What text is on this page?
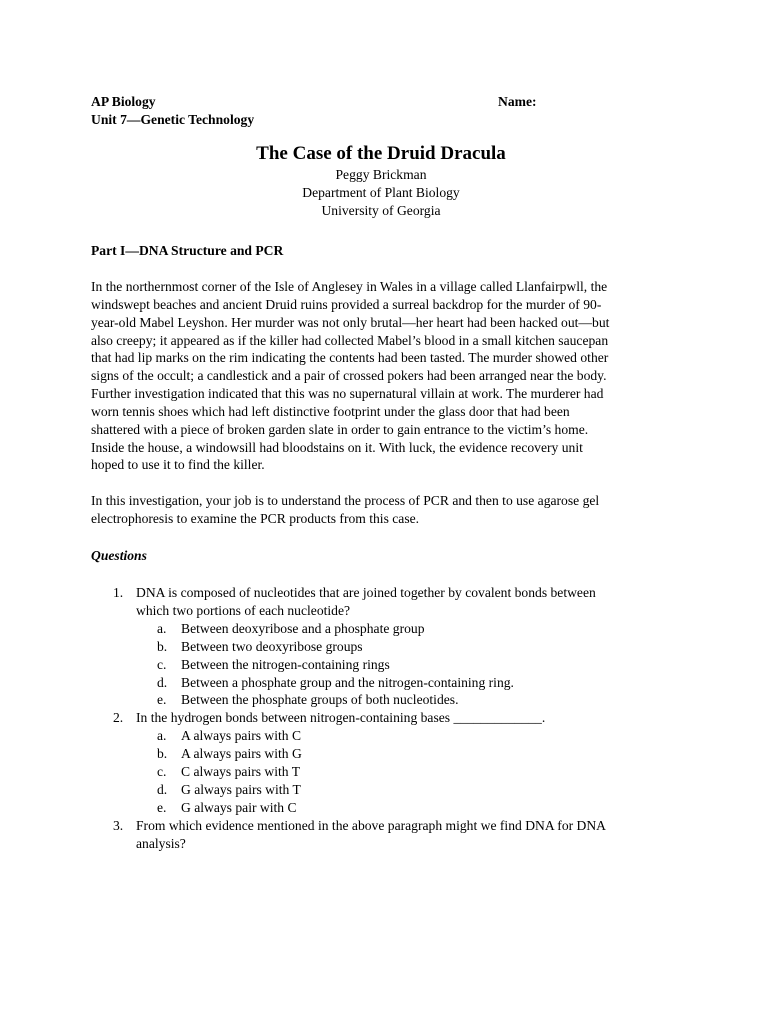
AP Biology
Unit 7—Genetic Technology
Name:
The Case of the Druid Dracula
Peggy Brickman
Department of Plant Biology
University of Georgia
Part I—DNA Structure and PCR
In the northernmost corner of the Isle of Anglesey in Wales in a village called Llanfairpwll, the
windswept beaches and ancient Druid ruins provided a surreal backdrop for the murder of 90-
year-old Mabel Leyshon. Her murder was not only brutal—her heart had been hacked out—but
also creepy; it appeared as if the killer had collected Mabel’s blood in a small kitchen saucepan
that had lip marks on the rim indicating the contents had been tasted. The murder showed other
signs of the occult; a candlestick and a pair of crossed pokers had been arranged near the body.
Further investigation indicated that this was no supernatural villain at work. The murderer had
worn tennis shoes which had left distinctive footprint under the glass door that had been
shattered with a piece of broken garden slate in order to gain entrance to the victim’s home.
Inside the house, a windowsill had bloodstains on it. With luck, the evidence recovery unit
hoped to use it to find the killer.
In this investigation, your job is to understand the process of PCR and then to use agarose gel
electrophoresis to examine the PCR products from this case.
Questions
1. DNA is composed of nucleotides that are joined together by covalent bonds between
which two portions of each nucleotide?
a. Between deoxyribose and a phosphate group
b. Between two deoxyribose groups
c. Between the nitrogen-containing rings
d. Between a phosphate group and the nitrogen-containing ring.
e. Between the phosphate groups of both nucleotides.
2. In the hydrogen bonds between nitrogen-containing bases _____________.
a. A always pairs with C
b. A always pairs with G
c. C always pairs with T
d. G always pairs with T
e. G always pair with C
3. From which evidence mentioned in the above paragraph might we find DNA for DNA
analysis?
